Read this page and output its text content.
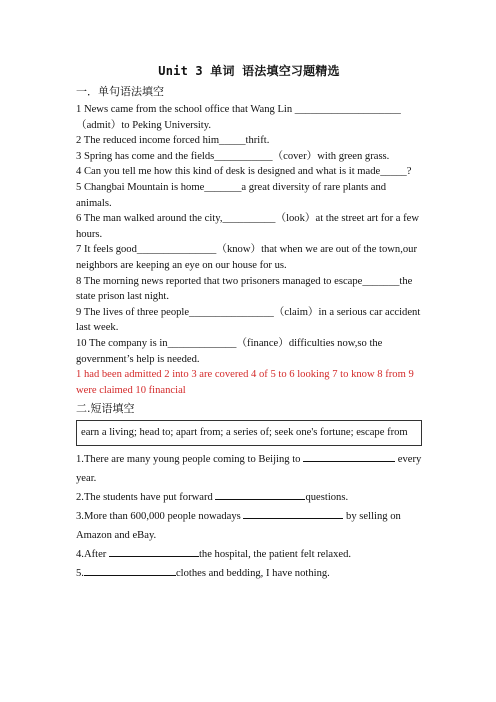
Unit 3 单词 语法填空习题精选
一．单句语法填空

1 News came from the school office that Wang Lin ____________________（admit）to Peking University.

2 The reduced income forced him_____thrift.

3 Spring has come and the fields___________（cover）with green grass.

4 Can you tell me how this kind of desk is designed and what is it made_____?

5 Changbai Mountain is home_______a great diversity of rare plants and animals.

6 The man walked around the city,__________（look）at the street art for a few hours.

7 It feels good_______________（know）that when we are out of the town,our neighbors are keeping an eye on our house for us.

8 The morning news reported that two prisoners managed to escape_______the state prison last night.

9 The lives of three people________________（claim）in a serious car accident last week.

10 The company is in_____________（finance）difficulties now,so the government’s help is needed.

1 had been admitted 2 into 3 are covered 4 of 5 to 6 looking 7 to know 8 from 9 were claimed 10 financial

二.短语填空
earn a living; head to; apart from; a series of; seek one's fortune; escape from

1.There are many young people coming to Beijing to	every year.

2.The students have put forward	questions.

3.More than 600,000 people nowadays	by selling on Amazon and eBay.

4.After	the hospital, the patient felt relaxed.

5.	clothes and bedding, I have nothing.
